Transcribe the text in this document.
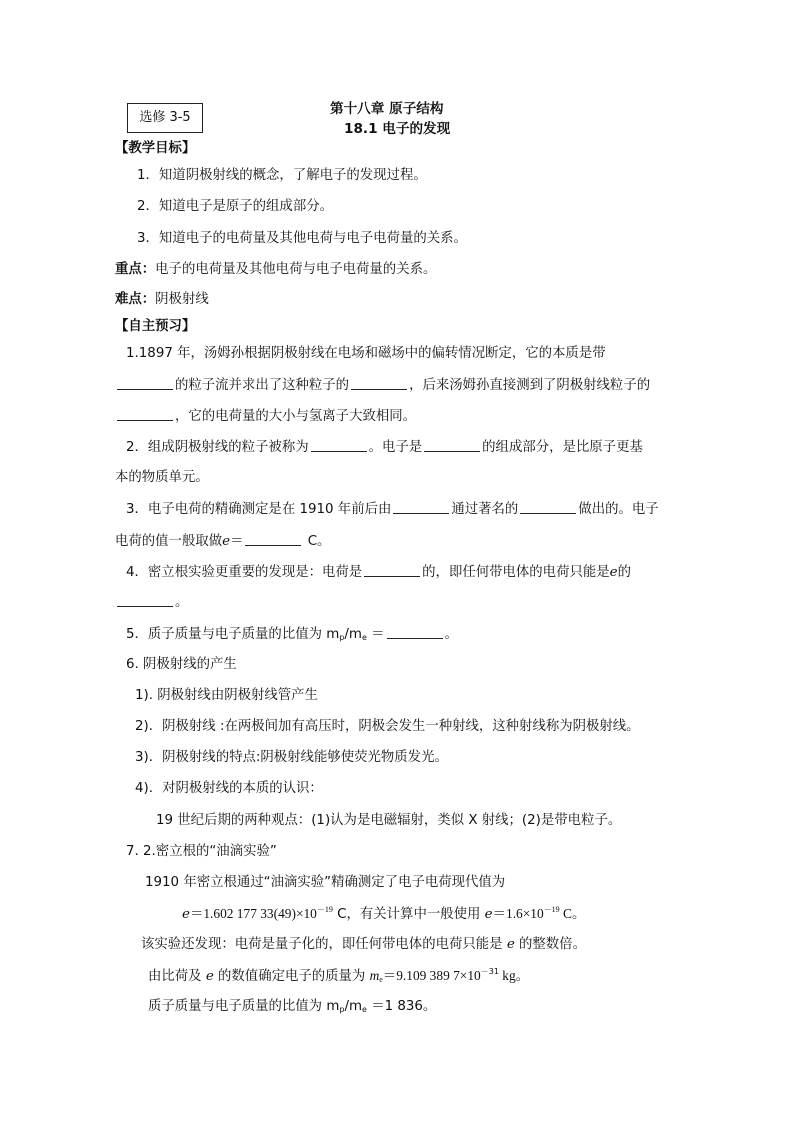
选修 3-5
第十八章 原子结构
18.1 电子的发现
【教学目标】
1．知道阴极射线的概念，了解电子的发现过程。
2．知道电子是原子的组成部分。
3．知道电子的电荷量及其他电荷与电子电荷量的关系。
重点：电子的电荷量及其他电荷与电子电荷量的关系。
难点：阴极射线
【自主预习】
1.1897 年，汤姆孙根据阴极射线在电场和磁场中的偏转情况断定，它的本质是带
的粒子流并求出了这种粒子的	，后来汤姆孙直接测到了阴极射线粒子的
，它的电荷量的大小与氢离子大致相同。
2．组成阴极射线的粒子被称为	。电子是	的组成部分，是比原子更基
本的物质单元。
3．电子电荷的精确测定是在 1910 年前后由	通过著名的	做出的。电子
电荷的值一般取做e＝	C。
4．密立根实验更重要的发现是：电荷是	的，即任何带电体的电荷只能是e的
。
5．质子质量与电子质量的比值为 $m_p/m_e$ ＝	。
6. 阴极射线的产生
1). 阴极射线由阴极射线管产生
2)．阴极射线 :在两极间加有高压时，阴极会发生一种射线，这种射线称为阴极射线。
3)．阴极射线的特点:阴极射线能够使荧光物质发光。
4)．对阴极射线的本质的认识：
19 世纪后期的两种观点：(1)认为是电磁辐射，类似 X 射线；(2)是带电粒子。
7. 2.密立根的“油滴实验”
1910 年密立根通过“油滴实验”精确测定了电子电荷现代值为
e＝1.602 177 $33(49)\times 10^{-19}$ C，有关计算中一般使用 $e=1.6\times 10^{-19}$ C。
该实验还发现：电荷是量子化的，即任何带电体的电荷只能是 e 的整数倍。
由比荷及 e 的数值确定电子的质量为 $m_e=9.109$ 389 $7\times 10^{-31}$ kg。
质子质量与电子质量的比值为 $m_p/m_e =1$ 836。
